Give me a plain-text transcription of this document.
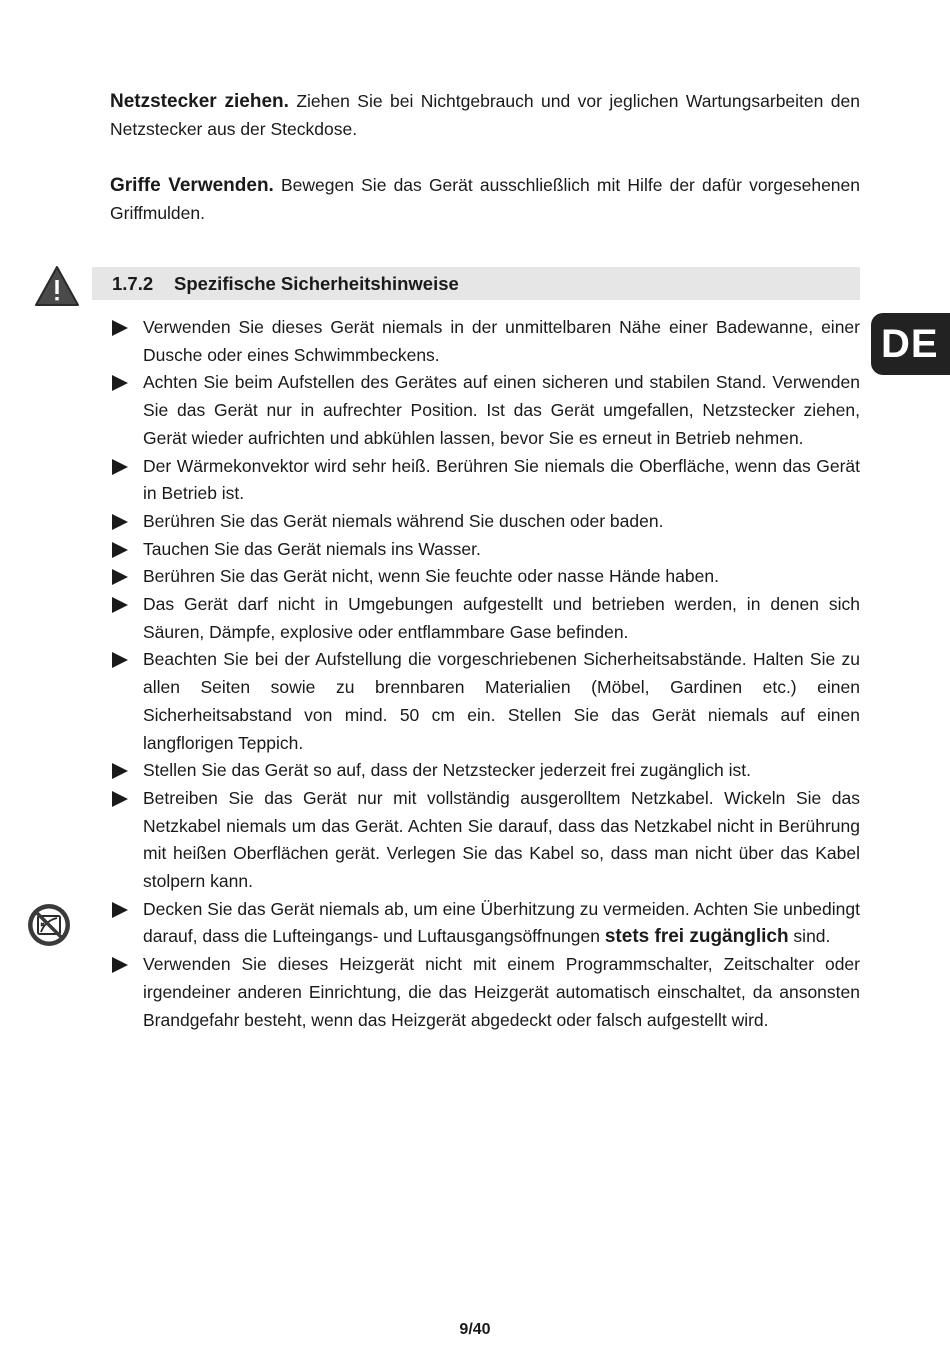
Netzstecker ziehen. Ziehen Sie bei Nichtgebrauch und vor jeglichen Wartungsarbeiten den Netzstecker aus der Steckdose.
Griffe Verwenden. Bewegen Sie das Gerät ausschließlich mit Hilfe der dafür vorgesehenen Griffmulden.
1.7.2 Spezifische Sicherheitshinweise
DE
Verwenden Sie dieses Gerät niemals in der unmittelbaren Nähe einer Badewanne, einer Dusche oder eines Schwimmbeckens.
Achten Sie beim Aufstellen des Gerätes auf einen sicheren und stabilen Stand. Verwenden Sie das Gerät nur in aufrechter Position. Ist das Gerät umgefallen, Netzstecker ziehen, Gerät wieder aufrichten und abkühlen lassen, bevor Sie es erneut in Betrieb nehmen.
Der Wärmekonvektor wird sehr heiß. Berühren Sie niemals die Oberfläche, wenn das Gerät in Betrieb ist.
Berühren Sie das Gerät niemals während Sie duschen oder baden.
Tauchen Sie das Gerät niemals ins Wasser.
Berühren Sie das Gerät nicht, wenn Sie feuchte oder nasse Hände haben.
Das Gerät darf nicht in Umgebungen aufgestellt und betrieben werden, in denen sich Säuren, Dämpfe, explosive oder entflammbare Gase befinden.
Beachten Sie bei der Aufstellung die vorgeschriebenen Sicherheitsabstände. Halten Sie zu allen Seiten sowie zu brennbaren Materialien (Möbel, Gardinen etc.) einen Sicherheitsabstand von mind. 50 cm ein. Stellen Sie das Gerät niemals auf einen langflorigen Teppich.
Stellen Sie das Gerät so auf, dass der Netzstecker jederzeit frei zugänglich ist.
Betreiben Sie das Gerät nur mit vollständig ausgerolltem Netzkabel. Wickeln Sie das Netzkabel niemals um das Gerät. Achten Sie darauf, dass das Netzkabel nicht in Berührung mit heißen Oberflächen gerät. Verlegen Sie das Kabel so, dass man nicht über das Kabel stolpern kann.
Decken Sie das Gerät niemals ab, um eine Überhitzung zu vermeiden. Achten Sie unbedingt darauf, dass die Lufteingangs- und Luftausgangsöffnungen stets frei zugänglich sind.
Verwenden Sie dieses Heizgerät nicht mit einem Programmschalter, Zeitschalter oder irgendeiner anderen Einrichtung, die das Heizgerät automatisch einschaltet, da ansonsten Brandgefahr besteht, wenn das Heizgerät abgedeckt oder falsch aufgestellt wird.
9/40
